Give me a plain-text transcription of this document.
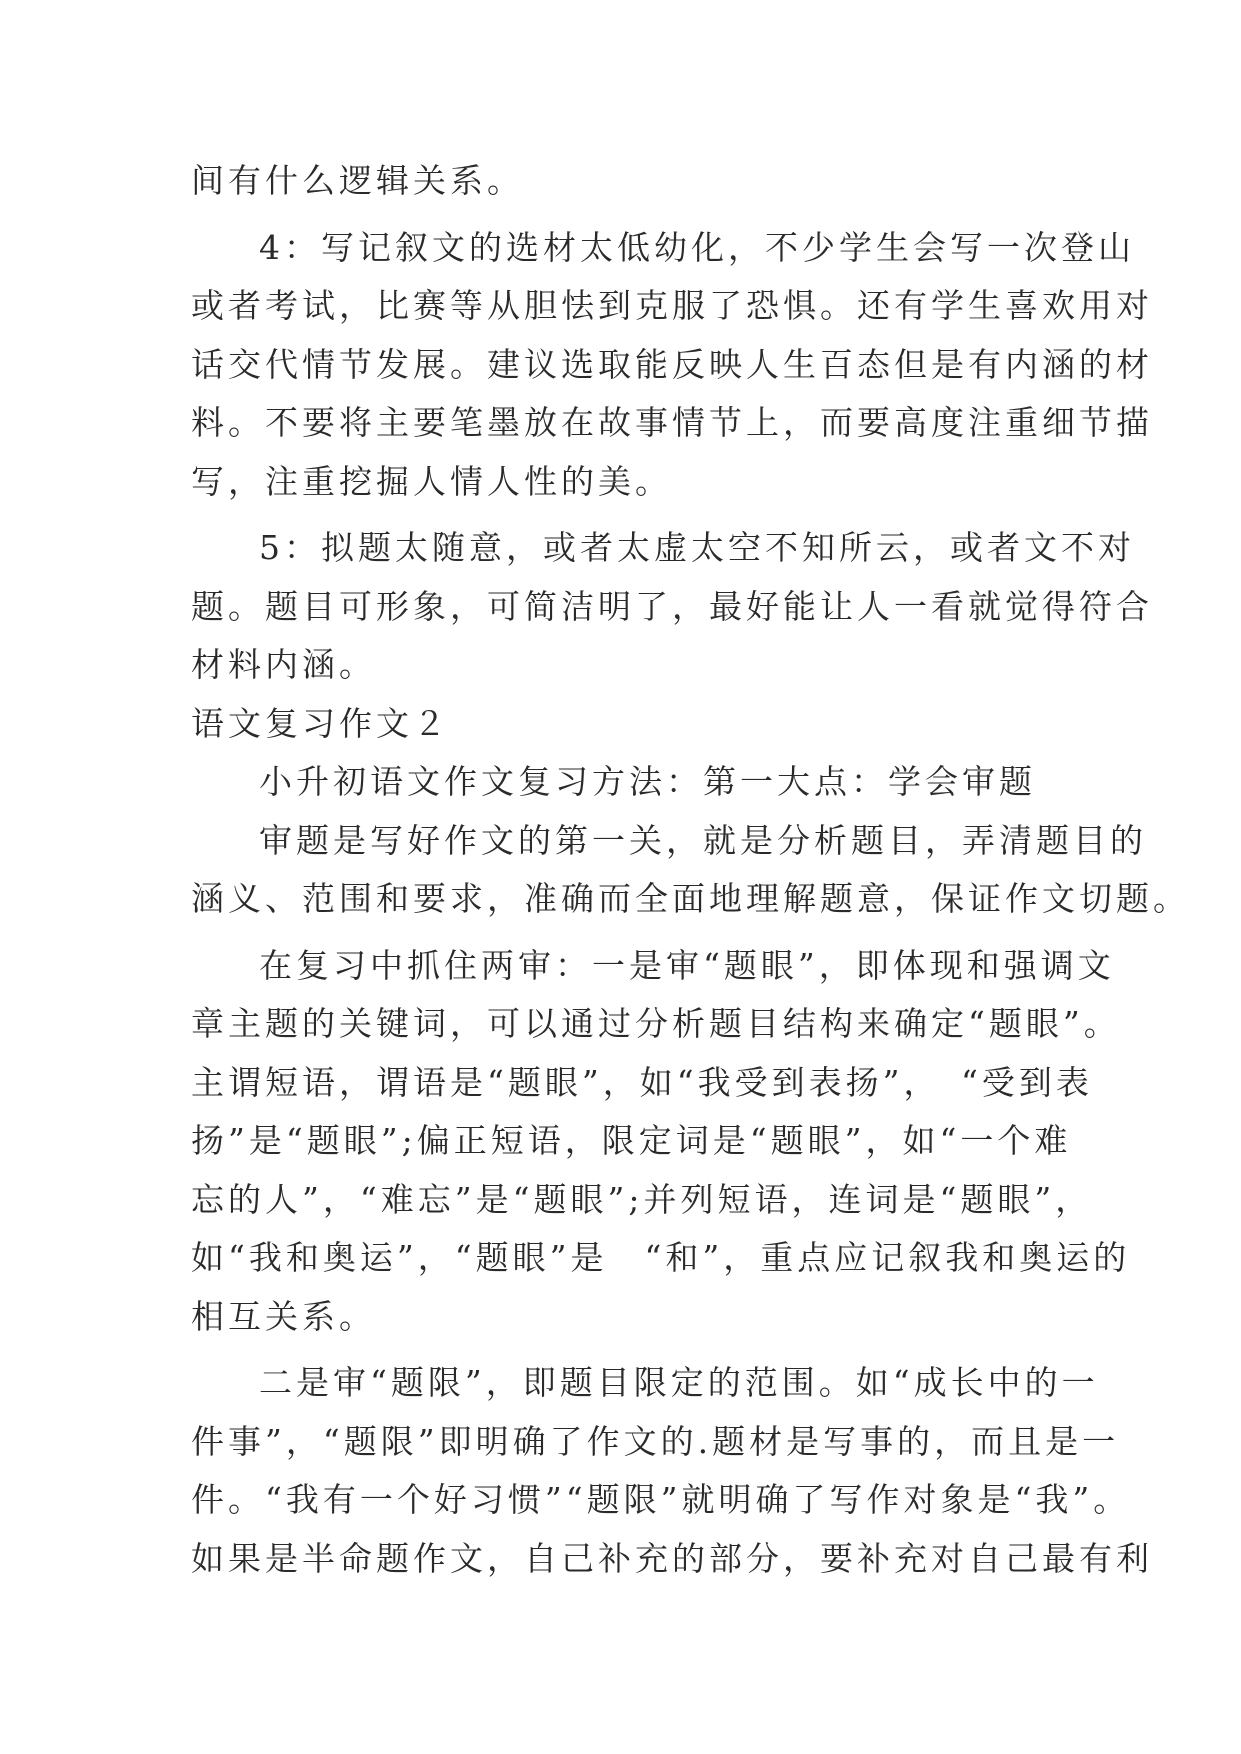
间有什么逻辑关系。
4：写记叙文的选材太低幼化，不少学生会写一次登山
或者考试，比赛等从胆怯到克服了恐惧。还有学生喜欢用对
话交代情节发展。建议选取能反映人生百态但是有内涵的材
料。不要将主要笔墨放在故事情节上，而要高度注重细节描
写，注重挖掘人情人性的美。
5：拟题太随意，或者太虚太空不知所云，或者文不对
题。题目可形象，可简洁明了，最好能让人一看就觉得符合
材料内涵。
语文复习作文２
小升初语文作文复习方法：第一大点：学会审题
审题是写好作文的第一关，就是分析题目，弄清题目的
涵义、范围和要求，准确而全面地理解题意，保证作文切题。
在复习中抓住两审：一是审“题眼”，即体现和强调文
章主题的关键词，可以通过分析题目结构来确定“题眼”。
主谓短语，谓语是“题眼”，如“我受到表扬”，　“受到表
扬”是“题眼”;偏正短语，限定词是“题眼”，如“一个难
忘的人”，“难忘”是“题眼”;并列短语，连词是“题眼”，
如“我和奥运”，“题眼”是　“和”，重点应记叙我和奥运的
相互关系。
二是审“题限”，即题目限定的范围。如“成长中的一
件事”，“题限”即明确了作文的.题材是写事的，而且是一
件。“我有一个好习惯”“题限”就明确了写作对象是“我”。
如果是半命题作文，自己补充的部分，要补充对自己最有利
